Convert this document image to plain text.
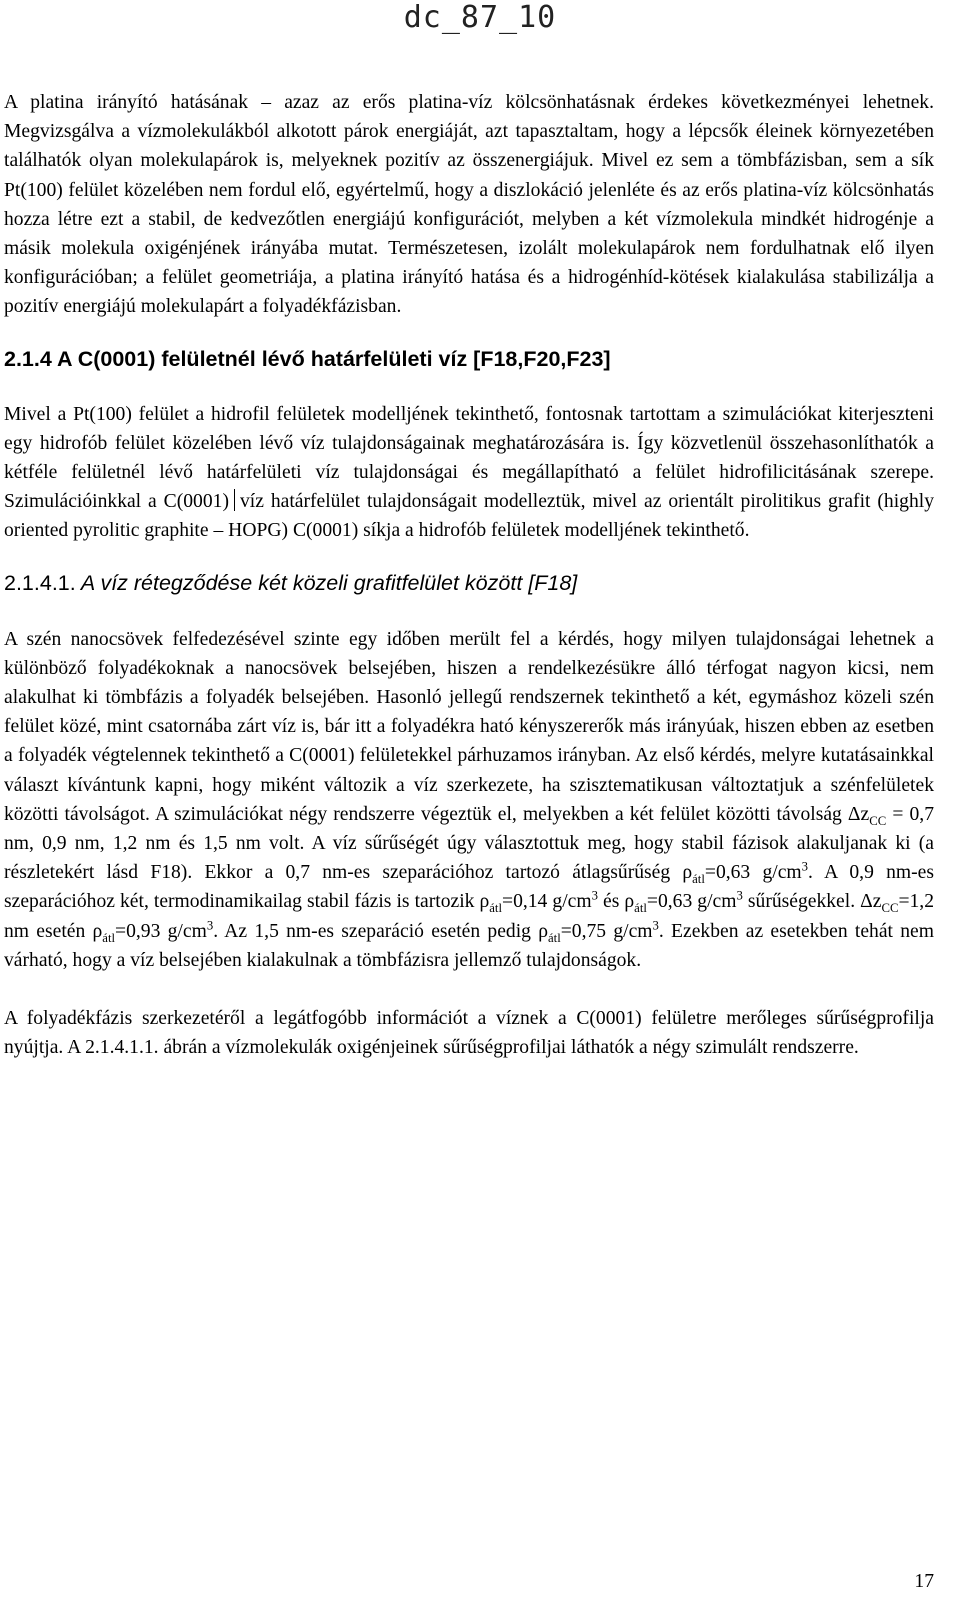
dc_87_10

A platina irányító hatásának – azaz az erős platina-víz kölcsönhatásnak érdekes következményei lehetnek. Megvizsgálva a vízmolekulákból alkotott párok energiáját, azt tapasztaltam, hogy a lépcsők éleinek környezetében találhatók olyan molekulapárok is, melyeknek pozitív az összenergiájuk. Mivel ez sem a tömbfázisban, sem a sík Pt(100) felület közelében nem fordul elő, egyértelmű, hogy a diszlokáció jelenléte és az erős platina-víz kölcsönhatás hozza létre ezt a stabil, de kedvezőtlen energiájú konfigurációt, melyben a két vízmolekula mindkét hidrogénje a másik molekula oxigénjének irányába mutat. Természetesen, izolált molekulapárok nem fordulhatnak elő ilyen konfigurációban; a felület geometriája, a platina irányító hatása és a hidrogénhíd-kötések kialakulása stabilizálja a pozitív energiájú molekulapárt a folyadékfázisban.

2.1.4 A C(0001) felületnél lévő határfelületi víz [F18,F20,F23]

Mivel a Pt(100) felület a hidrofil felületek modelljének tekinthető, fontosnak tartottam a szimulációkat kiterjeszteni egy hidrofób felület közelében lévő víz tulajdonságainak meghatározására is. Így közvetlenül összehasonlíthatók a kétféle felületnél lévő határfelületi víz tulajdonságai és megállapítható a felület hidrofilicitásának szerepe. Szimulációinkkal a C(0001) víz határfelület tulajdonságait modelleztük, mivel az orientált pirolitikus grafit (highly oriented pyrolitic graphite – HOPG) C(0001) síkja a hidrofób felületek modelljének tekinthető.

2.1.4.1. A víz rétegződése két közeli grafitfelület között [F18]

A szén nanocsövek felfedezésével szinte egy időben merült fel a kérdés, hogy milyen tulajdonságai lehetnek a különböző folyadékoknak a nanocsövek belsejében, hiszen a rendelkezésükre álló térfogat nagyon kicsi, nem alakulhat ki tömbfázis a folyadék belsejében. Hasonló jellegű rendszernek tekinthető a két, egymáshoz közeli szén felület közé, mint csatornába zárt víz is, bár itt a folyadékra ható kényszererők más irányúak, hiszen ebben az esetben a folyadék végtelennek tekinthető a C(0001) felületekkel párhuzamos irányban. Az első kérdés, melyre kutatásainkkal választ kívántunk kapni, hogy miként változik a víz szerkezete, ha szisztematikusan változtatjuk a szénfelületek közötti távolságot. A szimulációkat négy rendszerre végeztük el, melyekben a két felület közötti távolság $\Delta z_{CC} = 0,7$ nm, 0,9 nm, 1,2 nm és 1,5 nm volt. A víz sűrűségét úgy választottuk meg, hogy stabil fázisok alakuljanak ki (a részletekért lásd F18). Ekkor a 0,7 nm-es szeparációhoz tartozó átlagsűrűség $\rho_{átl}=0,63$ $g/cm^3$. A 0,9 nm-es szeparációhoz két, termodinamikailag stabil fázis is tartozik $\rho_{átl}=0,14$ $g/cm^3$ és $\rho_{átl}=0,63$ $g/cm^3$ sűrűségekkel. $\Delta z_{CC}=1,2$ nm esetén $\rho_{átl}=0,93$ $g/cm^3$. Az 1,5 nm-es szeparáció esetén pedig $\rho_{átl}=0,75$ $g/cm^3$. Ezekben az esetekben tehát nem várható, hogy a víz belsejében kialakulnak a tömbfázisra jellemző tulajdonságok.

A folyadékfázis szerkezetéről a legátfogóbb információt a víznek a C(0001) felületre merőleges sűrűségprofilja nyújtja. A 2.1.4.1.1. ábrán a vízmolekulák oxigénjeinek sűrűségprofiljai láthatók a négy szimulált rendszerre.

17
